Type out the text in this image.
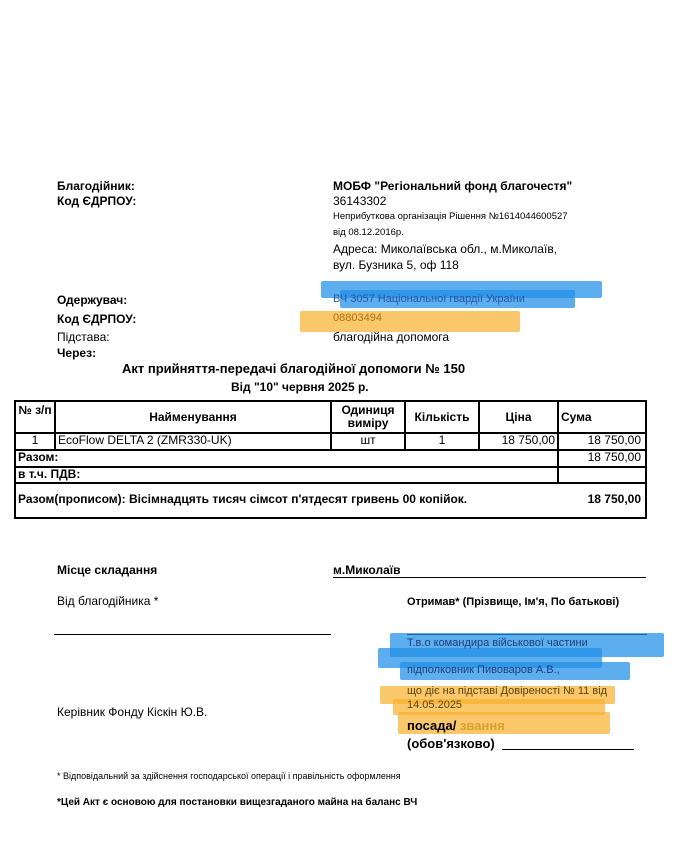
Благодійник:	МОБФ "Регіональний фонд благочестя"
Код ЄДРПОУ:	36143302
Неприбуткова організація Рішення №1614044600527
від 08.12.2016р.
Адреса: Миколаївська обл., м.Миколаїв,
вул. Бузника 5, оф 118
Одержувач:	ВЧ 3057 Національної гвардії України
Код ЄДРПОУ:	08803494
Підстава:	благодійна допомога
Через:
Акт прийняття-передачі благодійної допомоги № 150
Від "10" червня 2025 р.
№ з/п	Найменування	Одиниця виміру	Кількість	Ціна	Сума
1	EcoFlow DELTA 2 (ZMR330-UK)	шт	1	18 750,00	18 750,00
Разом:	18 750,00
в т.ч. ПДВ:
Разом(прописом): Вісімнадцять тисяч сімсот п'ятдесят гривень 00 копійок.	18 750,00
Місце складання	м.Миколаїв
Від благодійника *	Отримав* (Прізвище, Ім'я, По батькові)
Т.в.о командира військової частини
підполковник Пивоваров А.В.,
що діє на підставі Довіреності № 11 від
14.05.2025
посада/ звання
(обов'язково)
Керівник Фонду Кіскін Ю.В.
* Відповідальний за здійснення господарської операції і правільність оформлення
*Цей Акт є основою для постановки вищезгаданого майна на баланс ВЧ
